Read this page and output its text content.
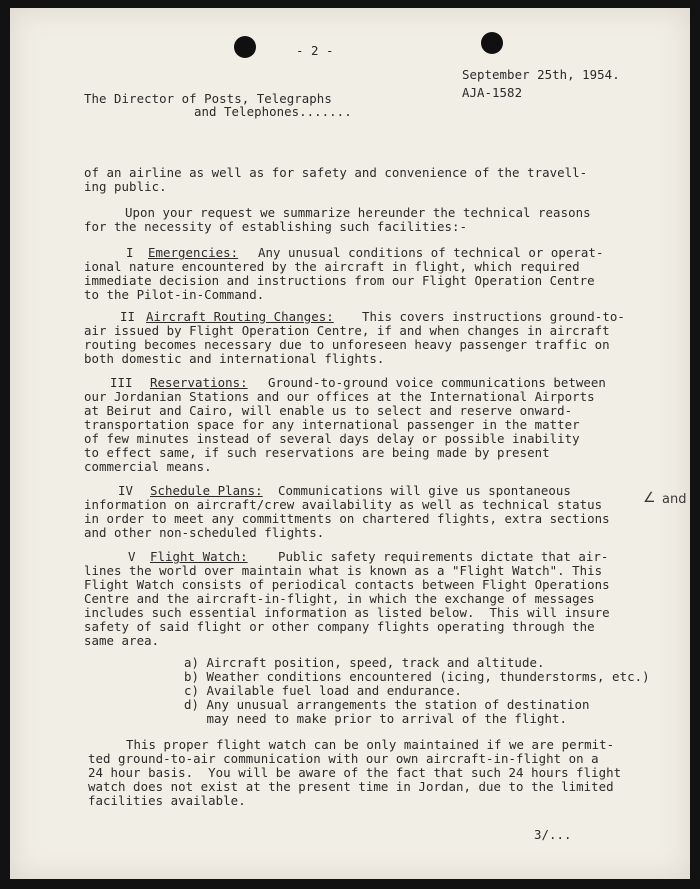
- 2 -
September 25th, 1954.
AJA-1582
The Director of Posts, Telegraphs
and Telephones.......
of an airline as well as for safety and convenience of the travell-
ing public.
Upon your request we summarize hereunder the technical reasons
for the necessity of establishing such facilities:-
I Emergencies: Any unusual conditions of technical or operat-
ional nature encountered by the aircraft in flight, which required
immediate decision and instructions from our Flight Operation Centre
to the Pilot-in-Command.
II Aircraft Routing Changes: This covers instructions ground-to-
air issued by Flight Operation Centre, if and when changes in aircraft
routing becomes necessary due to unforeseen heavy passenger traffic on
both domestic and international flights.
III Reservations: Ground-to-ground voice communications between
our Jordanian Stations and our offices at the International Airports
at Beirut and Cairo, will enable us to select and reserve onward-
transportation space for any international passenger in the matter
of few minutes instead of several days delay or possible inability
to effect same, if such reservations are being made by present
commercial means.
IV Schedule Plans: Communications will give us spontaneous
information on aircraft/crew availability as well as technical status
in order to meet any committments on chartered flights, extra sections
and other non-scheduled flights.
∠ and
V Flight Watch: Public safety requirements dictate that air-
lines the world over maintain what is known as a "Flight Watch". This
Flight Watch consists of periodical contacts between Flight Operations
Centre and the aircraft-in-flight, in which the exchange of messages
includes such essential information as listed below.  This will insure
safety of said flight or other company flights operating through the
same area.
a) Aircraft position, speed, track and altitude.
b) Weather conditions encountered (icing, thunderstorms, etc.)
c) Available fuel load and endurance.
d) Any unusual arrangements the station of destination
may need to make prior to arrival of the flight.
This proper flight watch can be only maintained if we are permit-
ted ground-to-air communication with our own aircraft-in-flight on a
24 hour basis.  You will be aware of the fact that such 24 hours flight
watch does not exist at the present time in Jordan, due to the limited
facilities available.
3/...
